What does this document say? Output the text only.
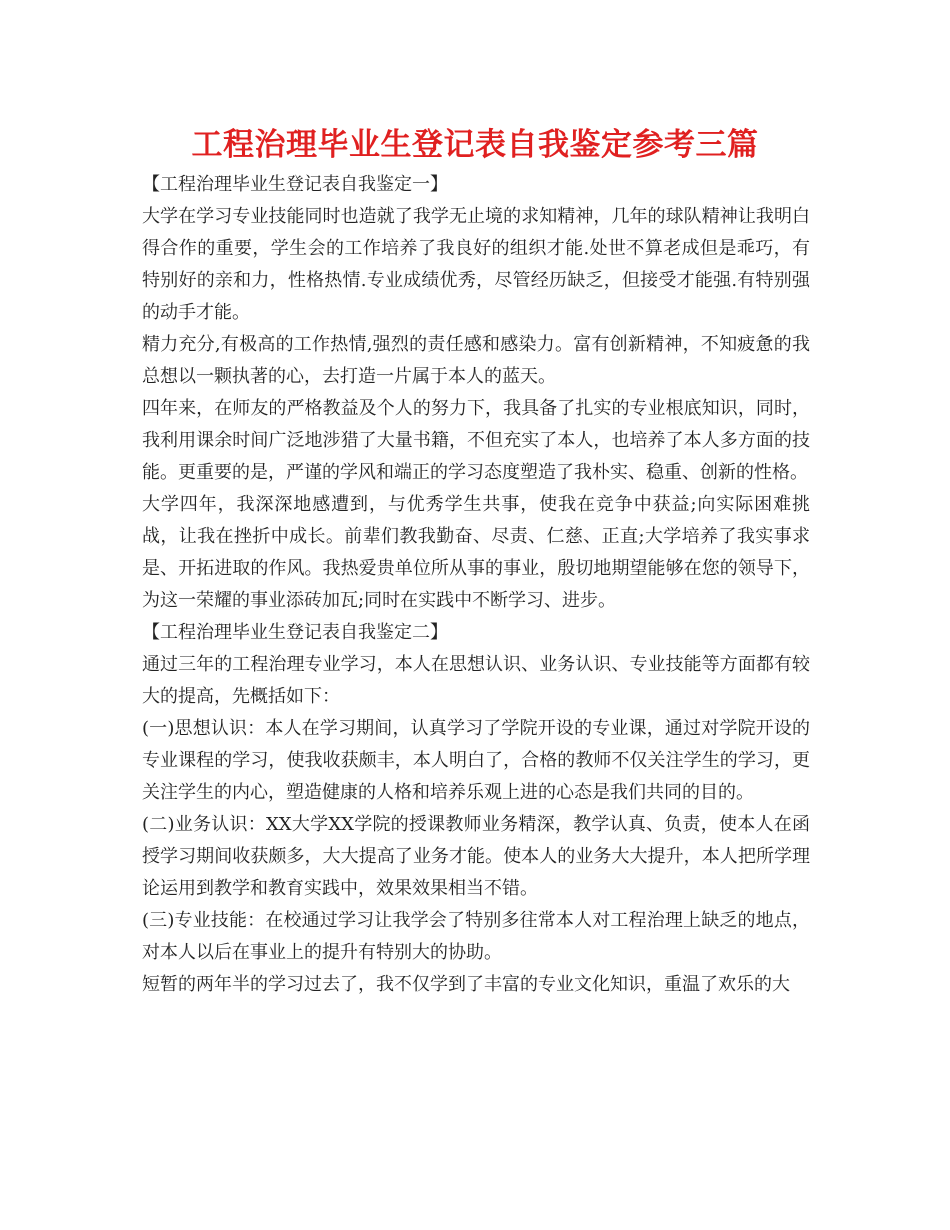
工程治理毕业生登记表自我鉴定参考三篇

【工程治理毕业生登记表自我鉴定一】

大学在学习专业技能同时也造就了我学无止境的求知精神，几年的球队精神让我明白得合作的重要，学生会的工作培养了我良好的组织才能.处世不算老成但是乖巧，有特别好的亲和力，性格热情.专业成绩优秀，尽管经历缺乏，但接受才能强.有特别强的动手才能。

精力充分,有极高的工作热情,强烈的责任感和感染力。富有创新精神，不知疲惫的我总想以一颗执著的心，去打造一片属于本人的蓝天。

四年来，在师友的严格教益及个人的努力下，我具备了扎实的专业根底知识，同时，我利用课余时间广泛地涉猎了大量书籍，不但充实了本人，也培养了本人多方面的技能。更重要的是，严谨的学风和端正的学习态度塑造了我朴实、稳重、创新的性格。

大学四年，我深深地感遭到，与优秀学生共事，使我在竞争中获益;向实际困难挑战，让我在挫折中成长。前辈们教我勤奋、尽责、仁慈、正直;大学培养了我实事求是、开拓进取的作风。我热爱贵单位所从事的事业，殷切地期望能够在您的领导下，为这一荣耀的事业添砖加瓦;同时在实践中不断学习、进步。

【工程治理毕业生登记表自我鉴定二】

通过三年的工程治理专业学习，本人在思想认识、业务认识、专业技能等方面都有较大的提高，先概括如下：

(一)思想认识：本人在学习期间，认真学习了学院开设的专业课，通过对学院开设的专业课程的学习，使我收获颇丰，本人明白了，合格的教师不仅关注学生的学习，更关注学生的内心，塑造健康的人格和培养乐观上进的心态是我们共同的目的。

(二)业务认识：XX大学XX学院的授课教师业务精深，教学认真、负责，使本人在函授学习期间收获颇多，大大提高了业务才能。使本人的业务大大提升，本人把所学理论运用到教学和教育实践中，效果效果相当不错。

(三)专业技能：在校通过学习让我学会了特别多往常本人对工程治理上缺乏的地点，对本人以后在事业上的提升有特别大的协助。

短暂的两年半的学习过去了，我不仅学到了丰富的专业文化知识，重温了欢乐的大
